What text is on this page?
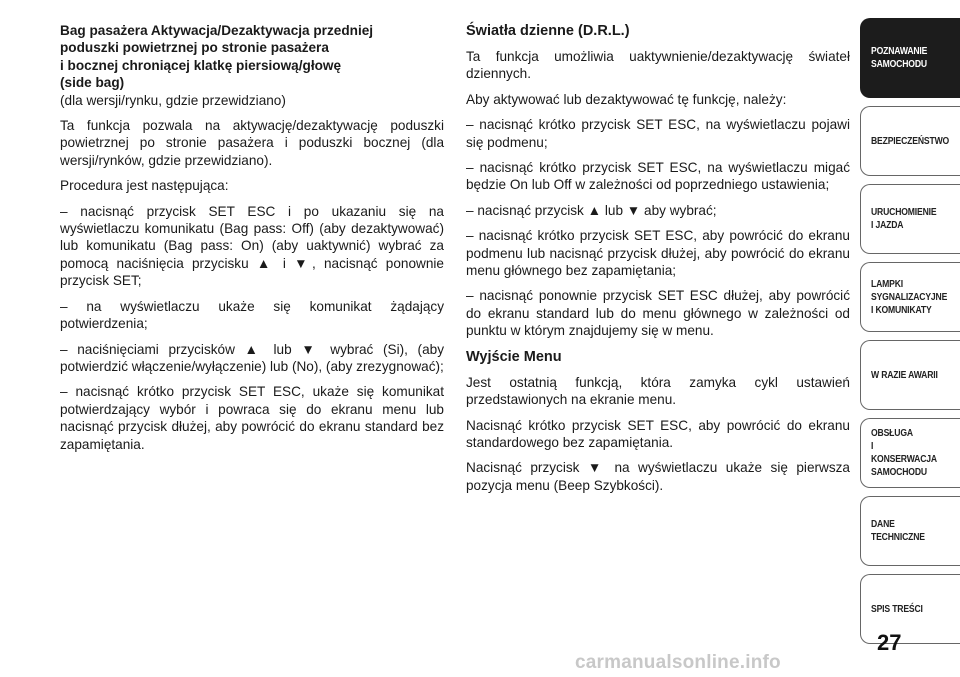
Bag pasażera Aktywacja/Dezaktywacja przedniej

poduszki powietrznej po stronie pasażera

i bocznej chroniącej klatkę piersiową/głowę

(side bag)

(dla wersji/rynku, gdzie przewidziano)

Ta funkcja pozwala na aktywację/dezaktywację poduszki powietrznej po stronie pasażera i poduszki bocznej (dla wersji/rynków, gdzie przewidziano).

Procedura jest następująca:

– nacisnąć przycisk SET ESC i po ukazaniu się na wyświetlaczu komunikatu (Bag pass: Off) (aby dezaktywować) lub komunikatu (Bag pass: On) (aby uaktywnić) wybrać za pomocą naciśnięcia przycisku ▲ i ▼, nacisnąć ponownie przycisk SET;

– na wyświetlaczu ukaże się komunikat żądający potwierdzenia;

– naciśnięciami przycisków ▲ lub ▼ wybrać (Si), (aby potwierdzić włączenie/wyłączenie) lub (No), (aby zrezygnować);

– nacisnąć krótko przycisk SET ESC, ukaże się komunikat potwierdzający wybór i powraca się do ekranu menu lub nacisnąć przycisk dłużej, aby powrócić do ekranu standard bez zapamiętania.

Światła dzienne (D.R.L.)

Ta funkcja umożliwia uaktywnienie/dezaktywację świateł dziennych.

Aby aktywować lub dezaktywować tę funkcję, należy:

– nacisnąć krótko przycisk SET ESC, na wyświetlaczu pojawi się podmenu;

– nacisnąć krótko przycisk SET ESC, na wyświetlaczu migać będzie On lub Off w zależności od poprzedniego ustawienia;

– nacisnąć przycisk ▲ lub ▼ aby wybrać;

– nacisnąć krótko przycisk SET ESC, aby powrócić do ekranu podmenu lub nacisnąć przycisk dłużej, aby powrócić do ekranu menu głównego bez zapamiętania;

– nacisnąć ponownie przycisk SET ESC dłużej, aby powrócić do ekranu standard lub do menu głównego w zależności od punktu w którym znajdujemy się w menu.

Wyjście Menu

Jest ostatnią funkcją, która zamyka cykl ustawień przedstawionych na ekranie menu.

Nacisnąć krótko przycisk SET ESC, aby powrócić do ekranu standardowego bez zapamiętania.

Nacisnąć przycisk ▼ na wyświetlaczu ukaże się pierwsza pozycja menu (Beep Szybkości).

POZNAWANIE
SAMOCHODU
BEZPIECZEŃSTWO
URUCHOMIENIE
I JAZDA
LAMPKI
SYGNALIZACYJNE
I KOMUNIKATY
W RAZIE AWARII
OBSŁUGA
I KONSERWACJA
SAMOCHODU
DANE
TECHNICZNE
SPIS TREŚCI
27
carmanualsonline.info
